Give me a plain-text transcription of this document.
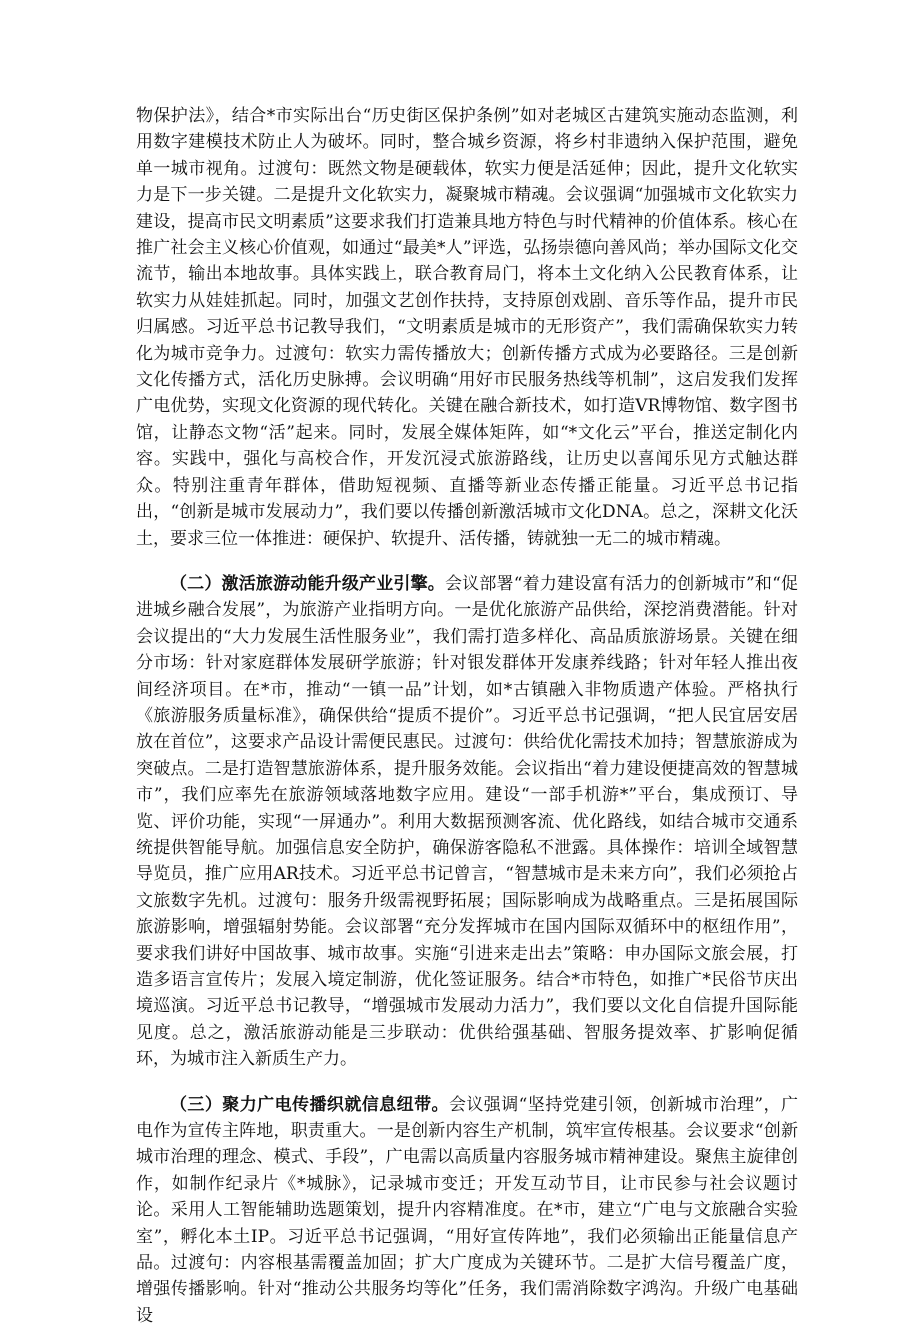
物保护法》，结合*市实际出台“历史街区保护条例”如对老城区古建筑实施动态监测，利用数字建模技术防止人为破坏。同时，整合城乡资源，将乡村非遗纳入保护范围，避免单一城市视角。过渡句：既然文物是硬载体，软实力便是活延伸；因此，提升文化软实力是下一步关键。二是提升文化软实力，凝聚城市精魂。会议强调“加强城市文化软实力建设，提高市民文明素质”这要求我们打造兼具地方特色与时代精神的价值体系。核心在推广社会主义核心价值观，如通过“最美*人”评选，弘扬崇德向善风尚；举办国际文化交流节，输出本地故事。具体实践上，联合教育局门，将本土文化纳入公民教育体系，让软实力从娃娃抓起。同时，加强文艺创作扶持，支持原创戏剧、音乐等作品，提升市民归属感。习近平总书记教导我们，“文明素质是城市的无形资产”，我们需确保软实力转化为城市竞争力。过渡句：软实力需传播放大；创新传播方式成为必要路径。三是创新文化传播方式，活化历史脉搏。会议明确“用好市民服务热线等机制”，这启发我们发挥广电优势，实现文化资源的现代转化。关键在融合新技术，如打造VR博物馆、数字图书馆，让静态文物“活”起来。同时，发展全媒体矩阵，如“*文化云”平台，推送定制化内容。实践中，强化与高校合作，开发沉浸式旅游路线，让历史以喜闻乐见方式触达群众。特别注重青年群体，借助短视频、直播等新业态传播正能量。习近平总书记指出，“创新是城市发展动力”，我们要以传播创新激活城市文化DNA。总之，深耕文化沃土，要求三位一体推进：硬保护、软提升、活传播，铸就独一无二的城市精魂。

（二）激活旅游动能升级产业引擎。会议部署“着力建设富有活力的创新城市”和“促进城乡融合发展”，为旅游产业指明方向。一是优化旅游产品供给，深挖消费潜能。针对会议提出的“大力发展生活性服务业”，我们需打造多样化、高品质旅游场景。关键在细分市场：针对家庭群体发展研学旅游；针对银发群体开发康养线路；针对年轻人推出夜间经济项目。在*市，推动“一镇一品”计划，如*古镇融入非物质遗产体验。严格执行《旅游服务质量标准》，确保供给“提质不提价”。习近平总书记强调，“把人民宜居安居放在首位”，这要求产品设计需便民惠民。过渡句：供给优化需技术加持；智慧旅游成为突破点。二是打造智慧旅游体系，提升服务效能。会议指出“着力建设便捷高效的智慧城市”，我们应率先在旅游领域落地数字应用。建设“一部手机游*”平台，集成预订、导览、评价功能，实现“一屏通办”。利用大数据预测客流、优化路线，如结合城市交通系统提供智能导航。加强信息安全防护，确保游客隐私不泄露。具体操作：培训全域智慧导览员，推广应用AR技术。习近平总书记曾言，“智慧城市是未来方向”，我们必须抢占文旅数字先机。过渡句：服务升级需视野拓展；国际影响成为战略重点。三是拓展国际旅游影响，增强辐射势能。会议部署“充分发挥城市在国内国际双循环中的枢纽作用”，要求我们讲好中国故事、城市故事。实施“引进来走出去”策略：申办国际文旅会展，打造多语言宣传片；发展入境定制游，优化签证服务。结合*市特色，如推广*民俗节庆出境巡演。习近平总书记教导，“增强城市发展动力活力”，我们要以文化自信提升国际能见度。总之，激活旅游动能是三步联动：优供给强基础、智服务提效率、扩影响促循环，为城市注入新质生产力。

（三）聚力广电传播织就信息纽带。会议强调“坚持党建引领，创新城市治理”，广电作为宣传主阵地，职责重大。一是创新内容生产机制，筑牢宣传根基。会议要求“创新城市治理的理念、模式、手段”，广电需以高质量内容服务城市精神建设。聚焦主旋律创作，如制作纪录片《*城脉》，记录城市变迁；开发互动节目，让市民参与社会议题讨论。采用人工智能辅助选题策划，提升内容精准度。在*市，建立“广电与文旅融合实验室”，孵化本土IP。习近平总书记强调，“用好宣传阵地”，我们必须输出正能量信息产品。过渡句：内容根基需覆盖加固；扩大广度成为关键环节。二是扩大信号覆盖广度，增强传播影响。针对“推动公共服务均等化”任务，我们需消除数字鸿沟。升级广电基础设
